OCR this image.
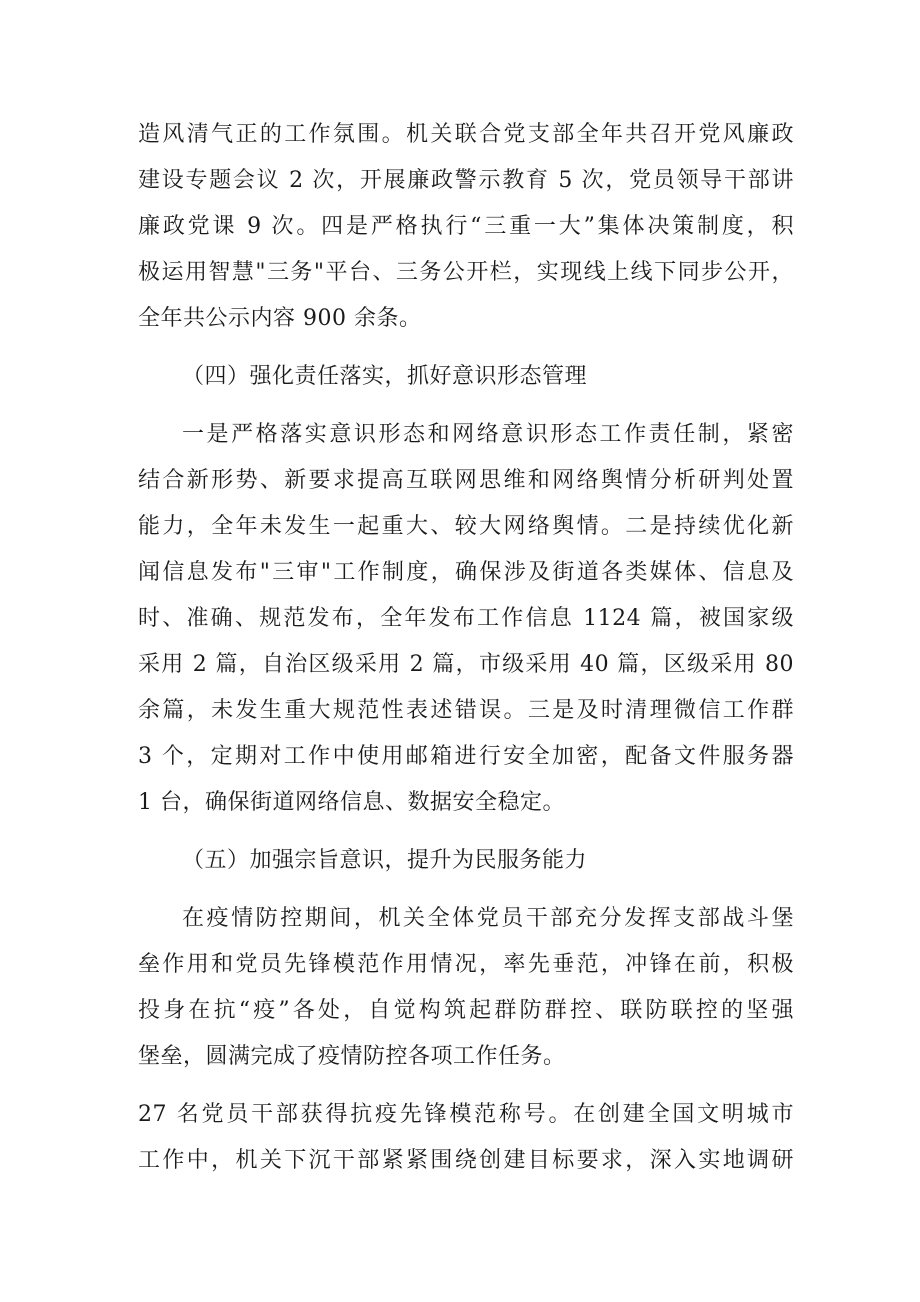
造风清气正的工作氛围。机关联合党支部全年共召开党风廉政
建设专题会议 2 次，开展廉政警示教育 5 次，党员领导干部讲
廉政党课 9 次。四是严格执行“三重一大”集体决策制度，积
极运用智慧"三务"平台、三务公开栏，实现线上线下同步公开，
全年共公示内容 900 余条。
（四）强化责任落实，抓好意识形态管理
一是严格落实意识形态和网络意识形态工作责任制，紧密
结合新形势、新要求提高互联网思维和网络舆情分析研判处置
能力，全年未发生一起重大、较大网络舆情。二是持续优化新
闻信息发布"三审"工作制度，确保涉及街道各类媒体、信息及
时、准确、规范发布，全年发布工作信息 1124 篇，被国家级
采用 2 篇，自治区级采用 2 篇，市级采用 40 篇，区级采用 80
余篇，未发生重大规范性表述错误。三是及时清理微信工作群
3 个，定期对工作中使用邮箱进行安全加密，配备文件服务器
1 台，确保街道网络信息、数据安全稳定。
（五）加强宗旨意识，提升为民服务能力
在疫情防控期间，机关全体党员干部充分发挥支部战斗堡
垒作用和党员先锋模范作用情况，率先垂范，冲锋在前，积极
投身在抗“疫”各处，自觉构筑起群防群控、联防联控的坚强
堡垒，圆满完成了疫情防控各项工作任务。
27 名党员干部获得抗疫先锋模范称号。在创建全国文明城市
工作中，机关下沉干部紧紧围绕创建目标要求，深入实地调研
